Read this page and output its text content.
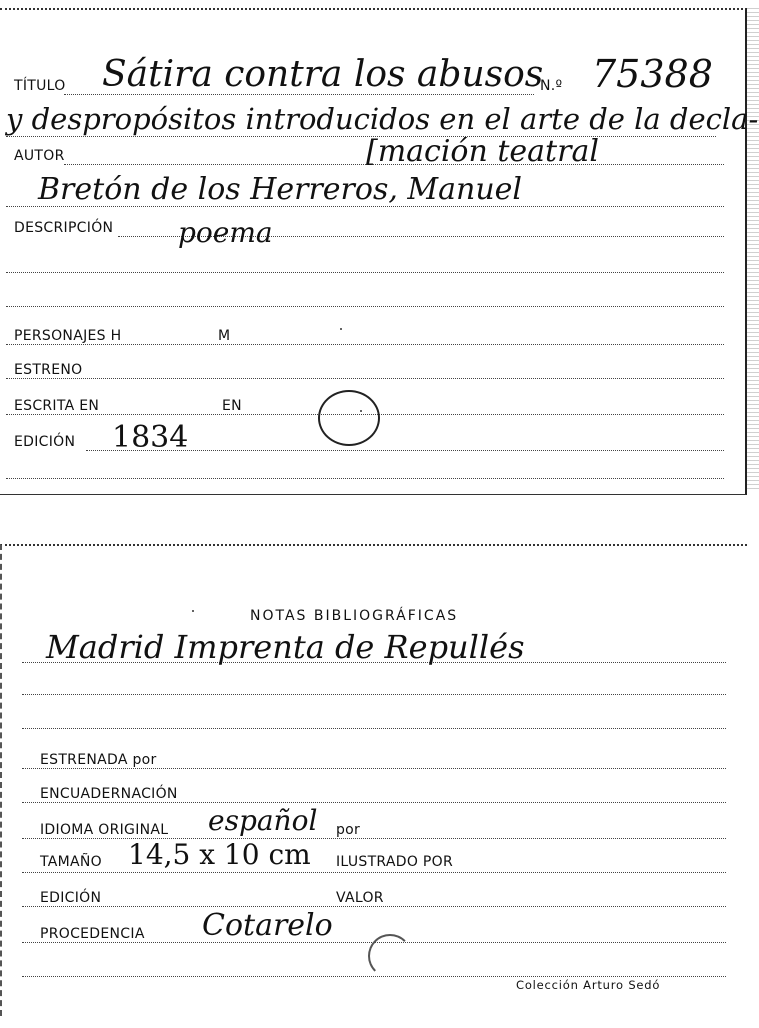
TÍTULO Sátira contra los abusos
N.º 75388
y despropósitos introducidos en el arte de la decla-
AUTOR	[mación teatral
Bretón de los Herreros, Manuel
DESCRIPCIÓN poema
PERSONAJES H	M
ESTRENO
ESCRITA EN	EN
EDICIÓN 1834
NOTAS BIBLIOGRÁFICAS
Madrid Imprenta de Repullés
ESTRENADA por
ENCUADERNACIÓN
IDIOMA ORIGINAL español por
TAMAÑO 14,5 x 10 cm ILUSTRADO POR
EDICIÓN	VALOR
PROCEDENCIA Cotarelo
Colección Arturo Sedó
